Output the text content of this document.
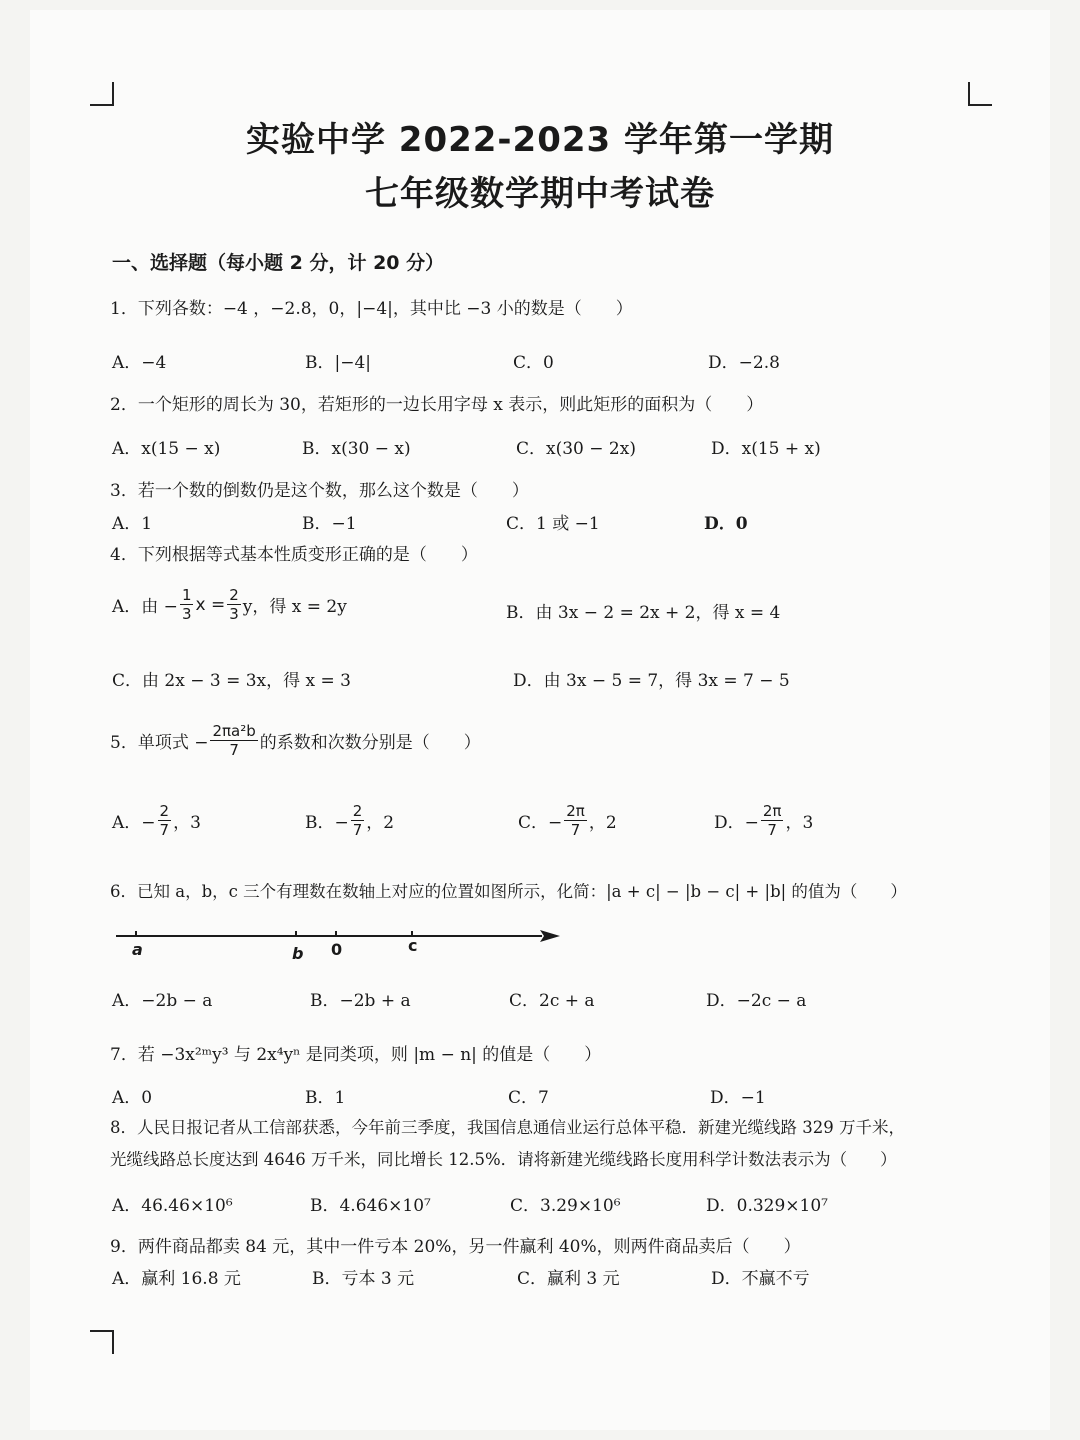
实验中学 2022-2023 学年第一学期
七年级数学期中考试卷
一、选择题（每小题 2 分，计 20 分）
1．下列各数：−4 ，−2.8，0，|−4|，其中比 −3 小的数是（　　）
A．−4	B．|−4|	C．0	D．−2.8
2．一个矩形的周长为 30，若矩形的一边长用字母 x 表示，则此矩形的面积为（　　）
A．x(15 − x)	B．x(30 − x)	C．x(30 − 2x)	D．x(15 + x)
3．若一个数的倒数仍是这个数，那么这个数是（　　）
A．1	B．−1	C．1 或 −1	D．0
4．下列根据等式基本性质变形正确的是（　　）
A．由 − $\frac{1}{3}$ $x = \frac{2}{3}$ y，得 x = 2y	B．由 3x − 2 = 2x + 2，得 x = 4
C．由 2x − 3 = 3x，得 x = 3	D．由 3x − 5 = 7，得 3x = 7 − 5
5．单项式 − $\frac{\text{2πa²b}}{7}$ 的系数和次数分别是（　　）
A．− $\frac{2}{7}$ ，3	B．− $\frac{2}{7}$ ，2	C．− $\frac{2\pi}{7}$ ，2	D．− $\frac{2\pi}{7}$ ，3
6．已知 a，b，c 三个有理数在数轴上对应的位置如图所示，化简：|a + c| − |b − c| + |b| 的值为（　　）
a	b 0	c
A．−2b − a	B．−2b + a	C．2c + a	D．−2c − a
7．若 −3x²ᵐy³ 与 2x⁴yⁿ 是同类项，则 |m − n| 的值是（　　）
A．0	B．1	C．7	D．−1
8．人民日报记者从工信部获悉，今年前三季度，我国信息通信业运行总体平稳．新建光缆线路 329 万千米，
光缆线路总长度达到 4646 万千米，同比增长 12.5%．请将新建光缆线路长度用科学计数法表示为（　　）
A．46.46×10⁶	B．4.646×10⁷	C．3.29×10⁶	D．0.329×10⁷
9．两件商品都卖 84 元，其中一件亏本 20%，另一件赢利 40%，则两件商品卖后（　　）
A．赢利 16.8 元	B．亏本 3 元	C．赢利 3 元	D．不赢不亏
